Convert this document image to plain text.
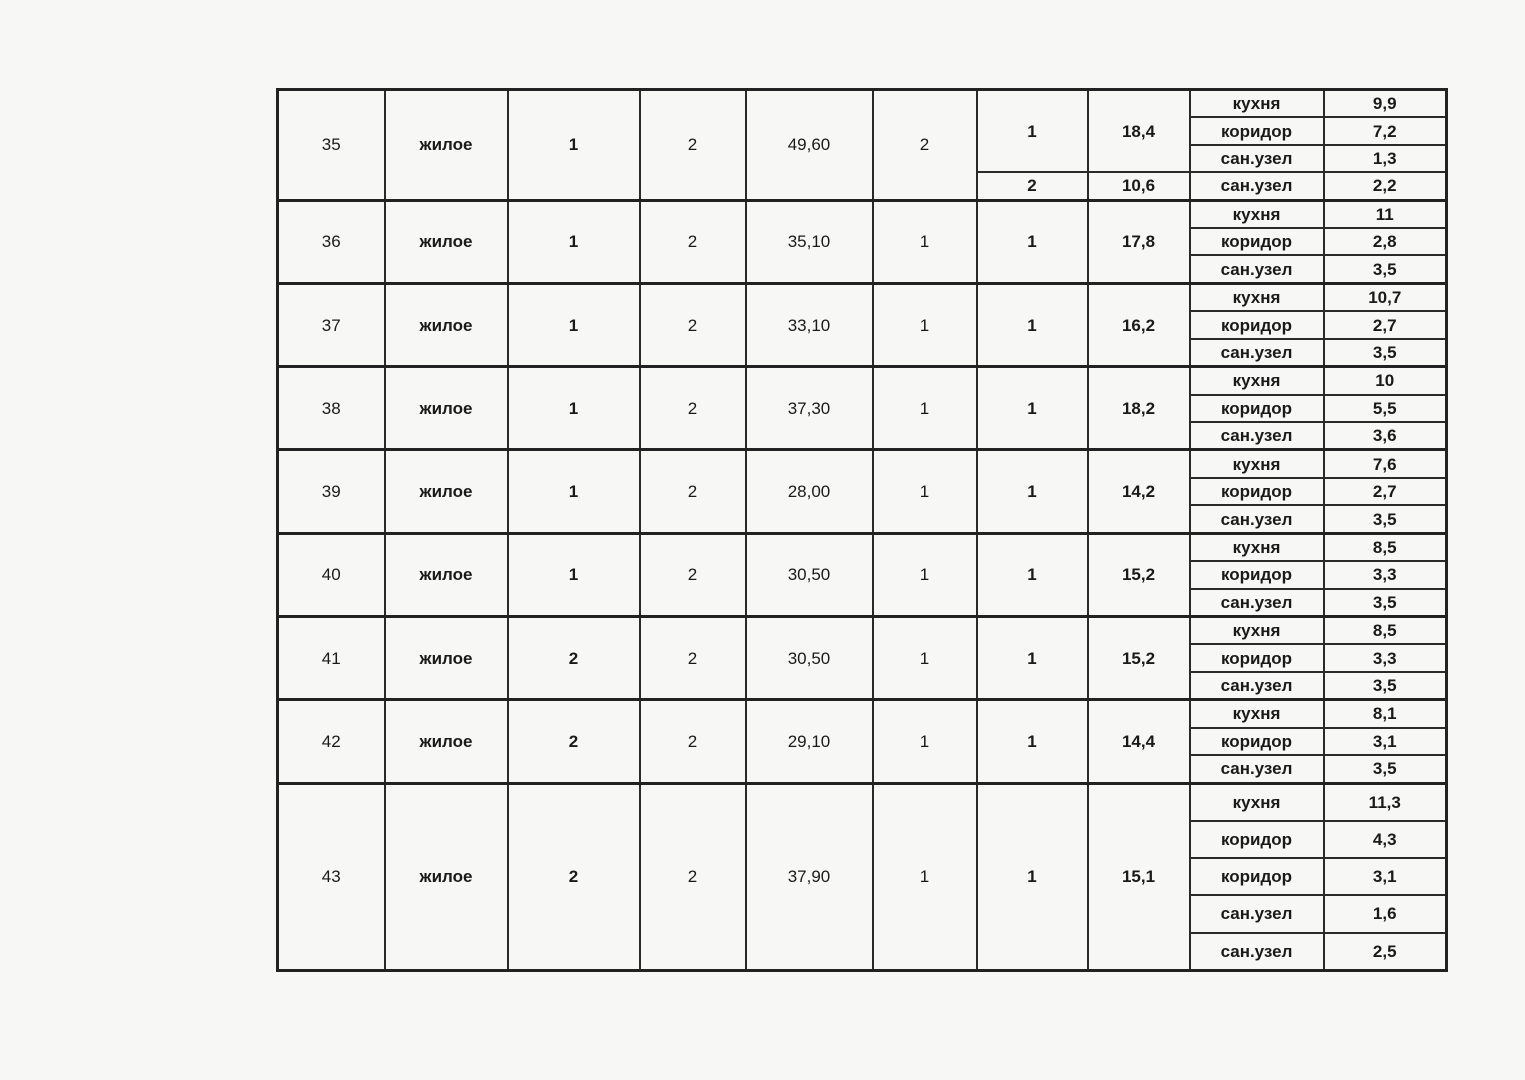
35	жилое	1	2	49,60	2	1	18,4	кухня	9,9
								коридор	7,2
								сан.узел	1,3
						2	10,6	сан.узел	2,2
36	жилое	1	2	35,10	1	1	17,8	кухня	11
								коридор	2,8
								сан.узел	3,5
37	жилое	1	2	33,10	1	1	16,2	кухня	10,7
								коридор	2,7
								сан.узел	3,5
38	жилое	1	2	37,30	1	1	18,2	кухня	10
								коридор	5,5
								сан.узел	3,6
39	жилое	1	2	28,00	1	1	14,2	кухня	7,6
								коридор	2,7
								сан.узел	3,5
40	жилое	1	2	30,50	1	1	15,2	кухня	8,5
								коридор	3,3
								сан.узел	3,5
41	жилое	2	2	30,50	1	1	15,2	кухня	8,5
								коридор	3,3
								сан.узел	3,5
42	жилое	2	2	29,10	1	1	14,4	кухня	8,1
								коридор	3,1
								сан.узел	3,5
43	жилое	2	2	37,90	1	1	15,1	кухня	11,3
								коридор	4,3
								коридор	3,1
								сан.узел	1,6
								сан.узел	2,5
